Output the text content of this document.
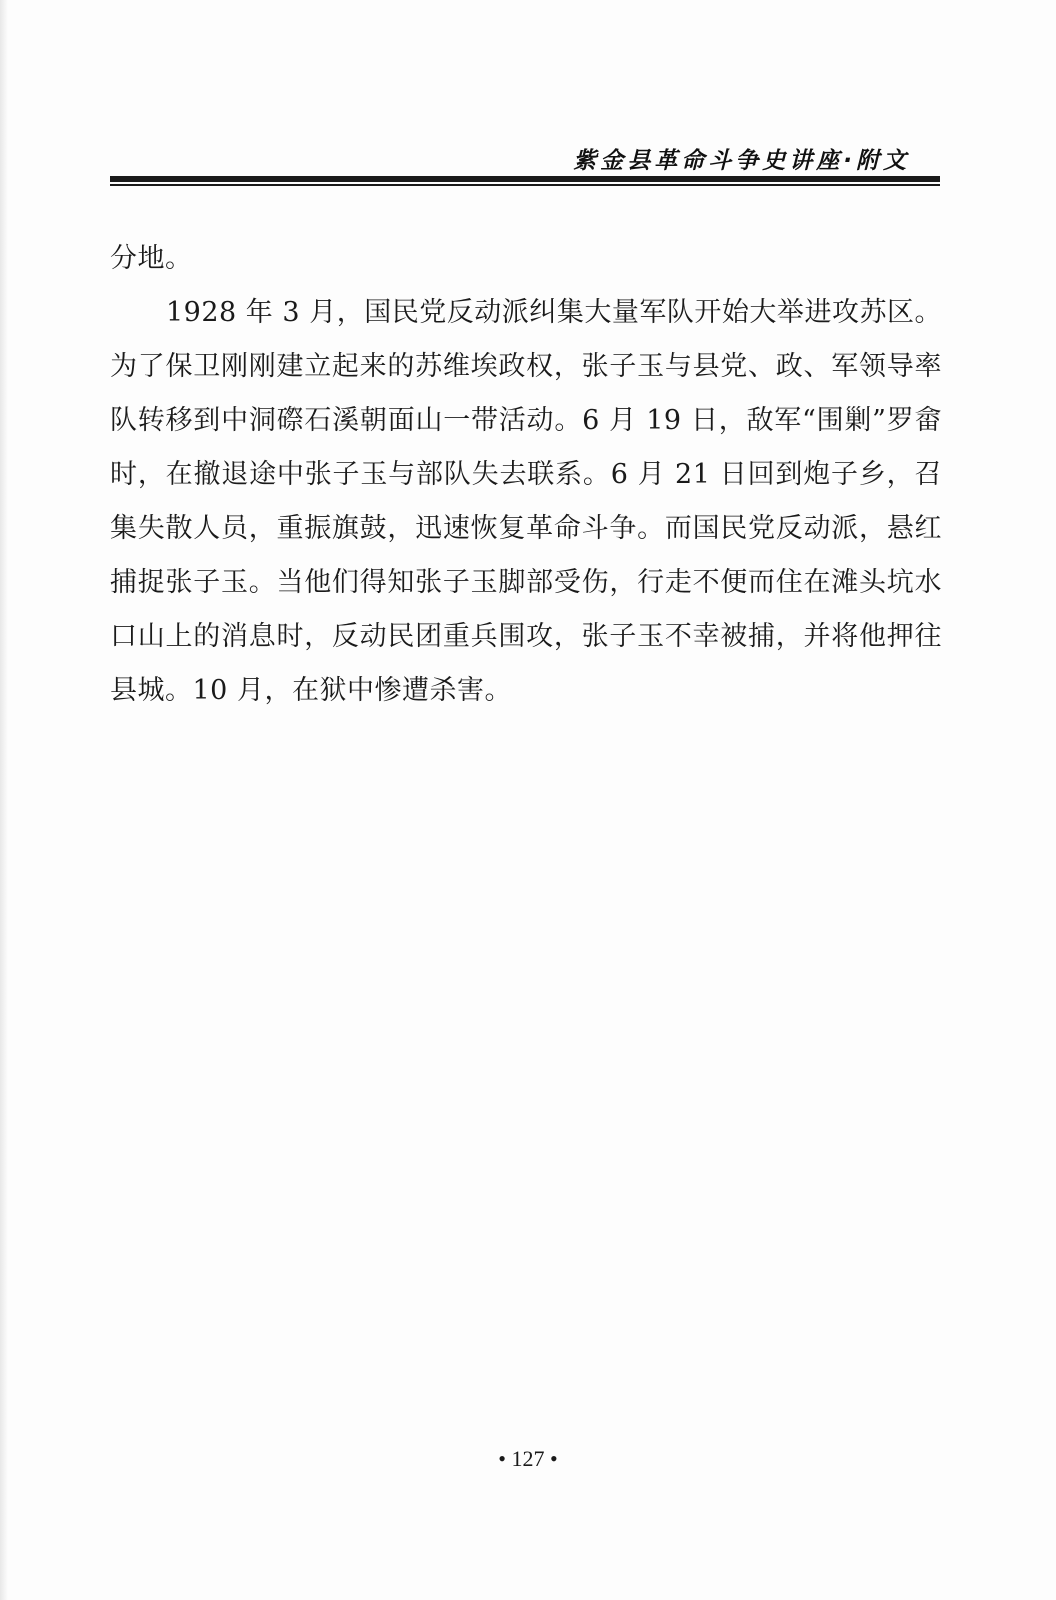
紫金县革命斗争史讲座·附文

分地。

1928 年 3 月，国民党反动派纠集大量军队开始大举进攻苏区。为了保卫刚刚建立起来的苏维埃政权，张子玉与县党、政、军领导率队转移到中洞磜石溪朝面山一带活动。6 月 19 日，敌军“围剿”罗畲时，在撤退途中张子玉与部队失去联系。6 月 21 日回到炮子乡，召集失散人员，重振旗鼓，迅速恢复革命斗争。而国民党反动派，悬红捕捉张子玉。当他们得知张子玉脚部受伤，行走不便而住在滩头坑水口山上的消息时，反动民团重兵围攻，张子玉不幸被捕，并将他押往县城。10 月，在狱中惨遭杀害。

• 127 •
